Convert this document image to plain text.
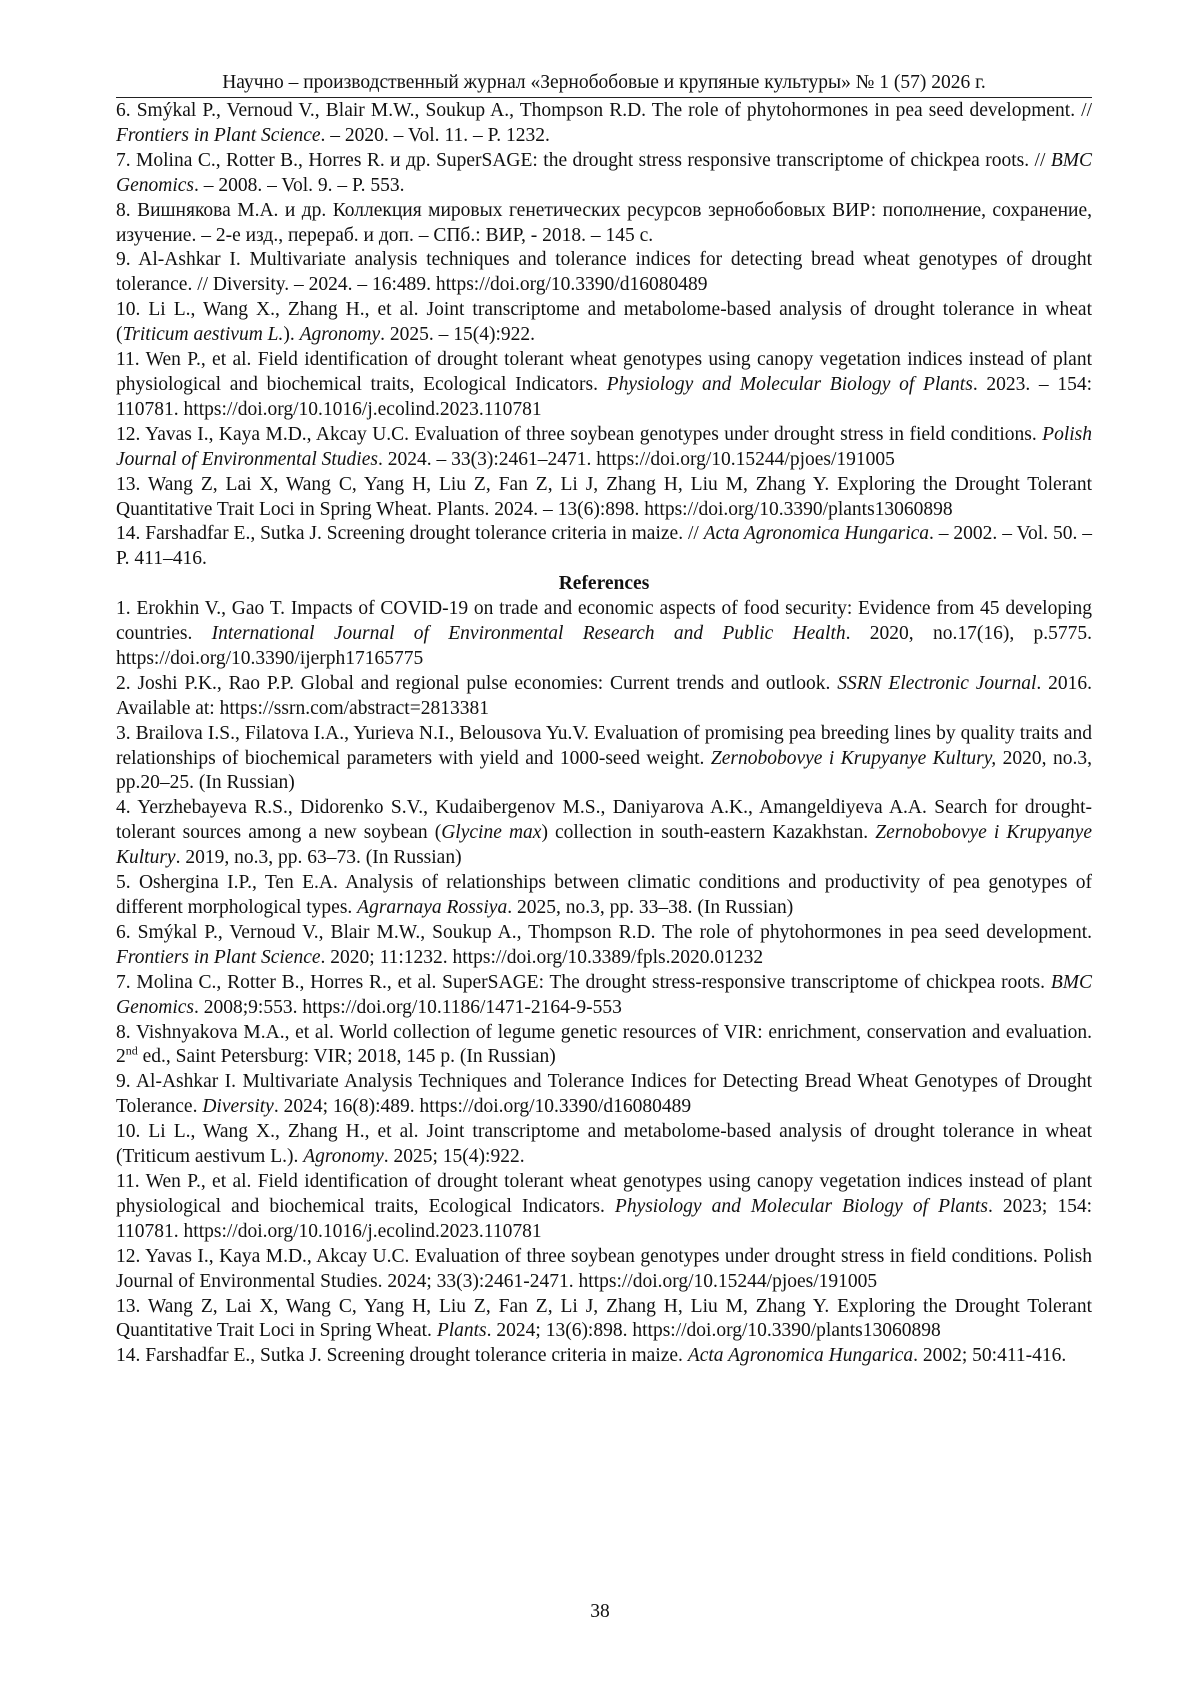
Научно – производственный журнал «Зернобобовые и крупяные культуры» № 1 (57) 2026 г.

6. Smýkal P., Vernoud V., Blair M.W., Soukup A., Thompson R.D. The role of phytohormones in pea seed development. // Frontiers in Plant Science. – 2020. – Vol. 11. – P. 1232.

7. Molina C., Rotter B., Horres R. и др. SuperSAGE: the drought stress responsive transcriptome of chickpea roots. // BMC Genomics. – 2008. – Vol. 9. – P. 553.

8. Вишнякова М.А. и др. Коллекция мировых генетических ресурсов зернобобовых ВИР: пополнение, сохранение, изучение. – 2-е изд., перераб. и доп. – СПб.: ВИР, - 2018. – 145 с.

9. Al-Ashkar I. Multivariate analysis techniques and tolerance indices for detecting bread wheat genotypes of drought tolerance. // Diversity. – 2024. – 16:489. https://doi.org/10.3390/d16080489

10. Li L., Wang X., Zhang H., et al. Joint transcriptome and metabolome-based analysis of drought tolerance in wheat (Triticum aestivum L.). Agronomy. 2025. – 15(4):922.

11. Wen P., et al. Field identification of drought tolerant wheat genotypes using canopy vegetation indices instead of plant physiological and biochemical traits, Ecological Indicators. Physiology and Molecular Biology of Plants. 2023. – 154: 110781. https://doi.org/10.1016/j.ecolind.2023.110781

12. Yavas I., Kaya M.D., Akcay U.C. Evaluation of three soybean genotypes under drought stress in field conditions. Polish Journal of Environmental Studies. 2024. – 33(3):2461–2471. https://doi.org/10.15244/pjoes/191005

13. Wang Z, Lai X, Wang C, Yang H, Liu Z, Fan Z, Li J, Zhang H, Liu M, Zhang Y. Exploring the Drought Tolerant Quantitative Trait Loci in Spring Wheat. Plants. 2024. – 13(6):898. https://doi.org/10.3390/plants13060898

14. Farshadfar E., Sutka J. Screening drought tolerance criteria in maize. // Acta Agronomica Hungarica. – 2002. – Vol. 50. – P. 411–416.

References

1. Erokhin V., Gao T. Impacts of COVID-19 on trade and economic aspects of food security: Evidence from 45 developing countries. International Journal of Environmental Research and Public Health. 2020, no.17(16), p.5775. https://doi.org/10.3390/ijerph17165775

2. Joshi P.K., Rao P.P. Global and regional pulse economies: Current trends and outlook. SSRN Electronic Journal. 2016. Available at: https://ssrn.com/abstract=2813381

3. Brailova I.S., Filatova I.A., Yurieva N.I., Belousova Yu.V. Evaluation of promising pea breeding lines by quality traits and relationships of biochemical parameters with yield and 1000-seed weight. Zernobobovye i Krupyanye Kultury, 2020, no.3, pp.20–25. (In Russian)

4. Yerzhebayeva R.S., Didorenko S.V., Kudaibergenov M.S., Daniyarova A.K., Amangeldiyeva A.A. Search for drought-tolerant sources among a new soybean (Glycine max) collection in south-eastern Kazakhstan. Zernobobovye i Krupyanye Kultury. 2019, no.3, pp. 63–73. (In Russian)

5. Oshergina I.P., Ten E.A. Analysis of relationships between climatic conditions and productivity of pea genotypes of different morphological types. Agrarnaya Rossiya. 2025, no.3, pp. 33–38. (In Russian)

6. Smýkal P., Vernoud V., Blair M.W., Soukup A., Thompson R.D. The role of phytohormones in pea seed development. Frontiers in Plant Science. 2020; 11:1232. https://doi.org/10.3389/fpls.2020.01232

7. Molina C., Rotter B., Horres R., et al. SuperSAGE: The drought stress-responsive transcriptome of chickpea roots. BMC Genomics. 2008;9:553. https://doi.org/10.1186/1471-2164-9-553

8. Vishnyakova M.A., et al. World collection of legume genetic resources of VIR: enrichment, conservation and evaluation. 2nd ed., Saint Petersburg: VIR; 2018, 145 p. (In Russian)

9. Al-Ashkar I. Multivariate Analysis Techniques and Tolerance Indices for Detecting Bread Wheat Genotypes of Drought Tolerance. Diversity. 2024; 16(8):489. https://doi.org/10.3390/d16080489

10. Li L., Wang X., Zhang H., et al. Joint transcriptome and metabolome-based analysis of drought tolerance in wheat (Triticum aestivum L.). Agronomy. 2025; 15(4):922.

11. Wen P., et al. Field identification of drought tolerant wheat genotypes using canopy vegetation indices instead of plant physiological and biochemical traits, Ecological Indicators. Physiology and Molecular Biology of Plants. 2023; 154: 110781. https://doi.org/10.1016/j.ecolind.2023.110781

12. Yavas I., Kaya M.D., Akcay U.C. Evaluation of three soybean genotypes under drought stress in field conditions. Polish Journal of Environmental Studies. 2024; 33(3):2461-2471. https://doi.org/10.15244/pjoes/191005

13. Wang Z, Lai X, Wang C, Yang H, Liu Z, Fan Z, Li J, Zhang H, Liu M, Zhang Y. Exploring the Drought Tolerant Quantitative Trait Loci in Spring Wheat. Plants. 2024; 13(6):898. https://doi.org/10.3390/plants13060898

14. Farshadfar E., Sutka J. Screening drought tolerance criteria in maize. Acta Agronomica Hungarica. 2002; 50:411-416.

38
